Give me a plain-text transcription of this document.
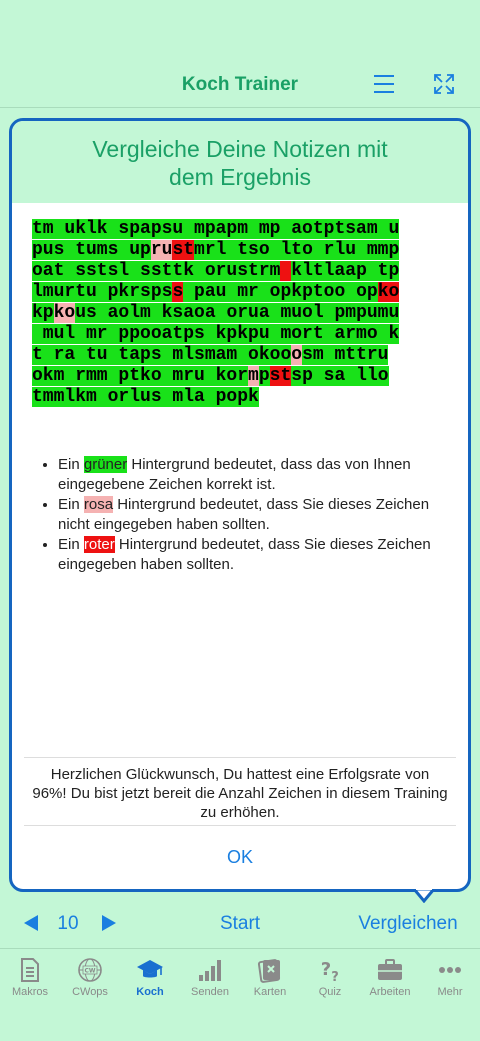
Koch Trainer
Vergleiche Deine Notizen mit
dem Ergebnis
tm uklk spapsu mpapm mp aotptsam u
pus tums uprustmrl tso lto rlu mmp
oat sstsl ssttk orustrm kltlaap tp
lmurtu pkrspss pau mr opkptoo opko
kpkous aolm ksaoa orua muol pmpumu
mul mr ppooatps kpkpu mort armo k
t ra tu taps mlsmam okooosm mttru
okm rmm ptko mru kormpstsp sa llo
tmmlkm orlus mla popk
• Ein grüner Hintergrund bedeutet, dass das von Ihnen eingegebene Zeichen korrekt ist.
• Ein rosa Hintergrund bedeutet, dass Sie dieses Zeichen nicht eingegeben haben sollten.
• Ein roter Hintergrund bedeutet, dass Sie dieses Zeichen eingegeben haben sollten.
Herzlichen Glückwunsch, Du hattest eine Erfolgsrate von 96%! Du bist jetzt bereit die Anzahl Zeichen in diesem Training zu erhöhen.
OK
10	Start	Vergleichen
Makros
CW
CWops	Koch	Senden	Karten
? ?
Quiz	Arbeiten	Mehr
